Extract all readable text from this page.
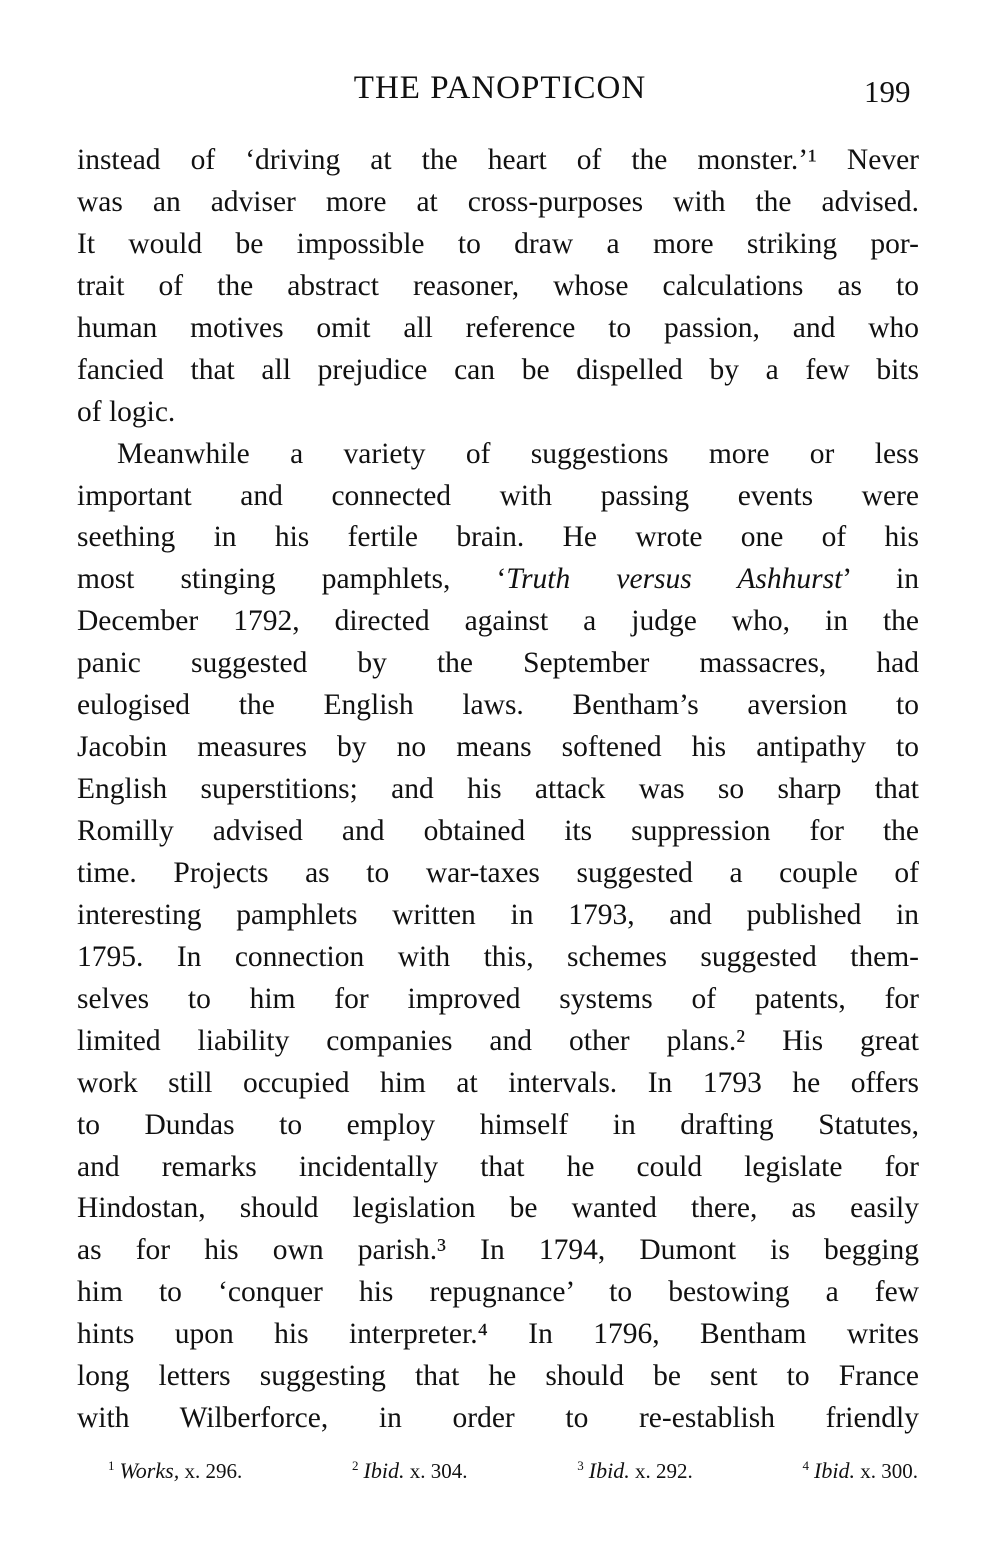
THE PANOPTICON	199
instead of ‘driving at the heart of the monster.’¹ Never
was an adviser more at cross-purposes with the advised.
It would be impossible to draw a more striking por-
trait of the abstract reasoner, whose calculations as to
human motives omit all reference to passion, and who
fancied that all prejudice can be dispelled by a few bits
of logic.
Meanwhile a variety of suggestions more or less
important and connected with passing events were
seething in his fertile brain. He wrote one of his
most stinging pamphlets, ‘Truth versus Ashhurst’ in
December 1792, directed against a judge who, in the
panic suggested by the September massacres, had
eulogised the English laws. Bentham’s aversion to
Jacobin measures by no means softened his antipathy to
English superstitions; and his attack was so sharp that
Romilly advised and obtained its suppression for the
time. Projects as to war-taxes suggested a couple of
interesting pamphlets written in 1793, and published in
1795. In connection with this, schemes suggested them-
selves to him for improved systems of patents, for
limited liability companies and other plans.² His great
work still occupied him at intervals. In 1793 he offers
to Dundas to employ himself in drafting Statutes,
and remarks incidentally that he could legislate for
Hindostan, should legislation be wanted there, as easily
as for his own parish.³ In 1794, Dumont is begging
him to ‘conquer his repugnance’ to bestowing a few
hints upon his interpreter.⁴ In 1796, Bentham writes
long letters suggesting that he should be sent to France
with Wilberforce, in order to re-establish friendly
$^1$ Works, x. 296.	$^2$ Ibid. x. 304.	$^3$ Ibid. x. 292.	$^4$ Ibid. x. 300.
